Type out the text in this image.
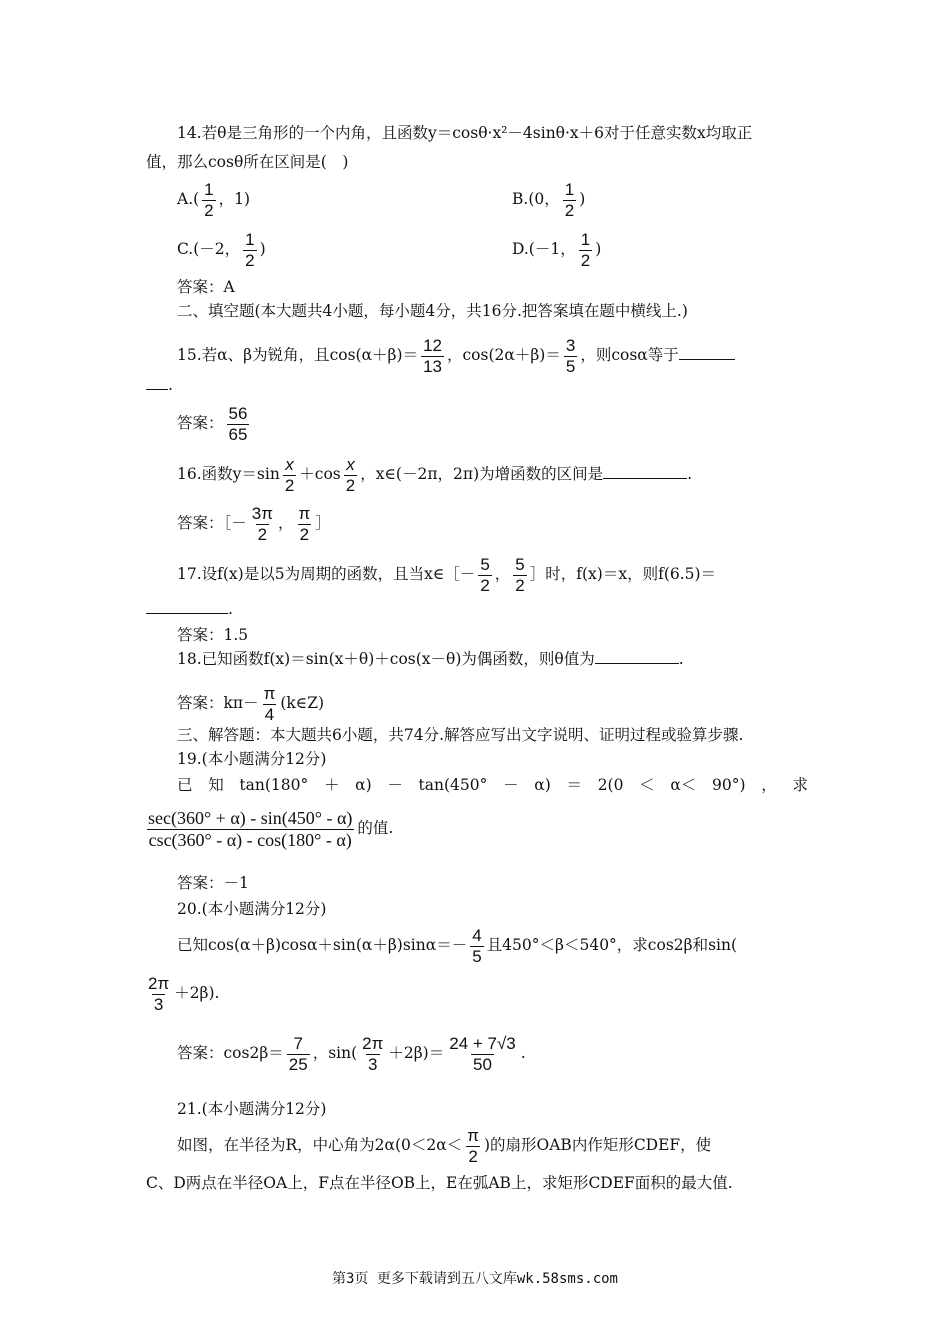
14.若θ是三角形的一个内角，且函数y＝cosθ·x²－4sinθ·x＋6对于任意实数x均取正
值，那么cosθ所在区间是(　)
$A.( \frac{1}{2}$ ，1)	B.(0， $\frac{1}{2}$ )
C.(－2， $\frac{1}{2}$ )	D.(－1， $\frac{1}{2}$ )
答案：A
二、填空题(本大题共4小题，每小题4分，共16分.把答案填在题中横线上.)
15.若α、β为锐角，且$\cos(\alpha+\beta)= \frac{12}{13}$ ，$\cos(2\alpha+\beta)= \frac{3}{5}$ ，则cosα等于
.
答案： $\frac{56}{65}$
16.函数$y=\sin \frac{x}{2} +\cos \frac{x}{2}$ ，x∈(－2π，2π)为增函数的区间是	.
答案：［－ $\frac{3\pi}{2}$ ， $\frac{\pi}{2}$ ］
17.设f(x)是以5为周期的函数，且当x∈［－ $\frac{5}{2}$ ， $\frac{5}{2}$ ］时，f(x)＝x，则f(6.5)＝
.
答案：1.5
18.已知函数f(x)＝sin(x＋θ)＋cos(x－θ)为偶函数，则θ值为	.
答案：$k\pi- \frac{\pi}{4}$ (k∈Z)
三、解答题：本大题共6小题，共74分.解答应写出文字说明、证明过程或验算步骤.
19.(本小题满分12分)
已 知 tan(180° ＋ α) － tan(450° － α) ＝ 2(0 ＜ α＜ 90°) ， 求
$\frac{\sec(360^\circ + \alpha) - \sin(450^\circ - \alpha)}{\csc(360^\circ - \alpha) - \cos(180^\circ - \alpha)}$ 的值.
答案：－1
20.(本小题满分12分)
已知$\cos(\alpha+\beta)\cos\alpha+\sin(\alpha+\beta)\sin\alpha=- \frac{4}{5}$ 且450°＜β＜540°，求cos2β和sin(
$\frac{2\pi}{3} +2\beta$).
答案：$\cos 2\beta= \frac{7}{25}$ ，$\sin( \frac{2\pi}{3} +2\beta)= \frac{24 + 7√3}{50}$ .
21.(本小题满分12分)
如图，在半径为R，中心角为$2\alpha(0<2\alpha< \frac{\pi}{2}$ )的扇形OAB内作矩形CDEF，使
C、D两点在半径OA上，F点在半径OB上，E在弧AB上，求矩形CDEF面积的最大值.
第3页 更多下载请到五八文库wk.58sms.com
